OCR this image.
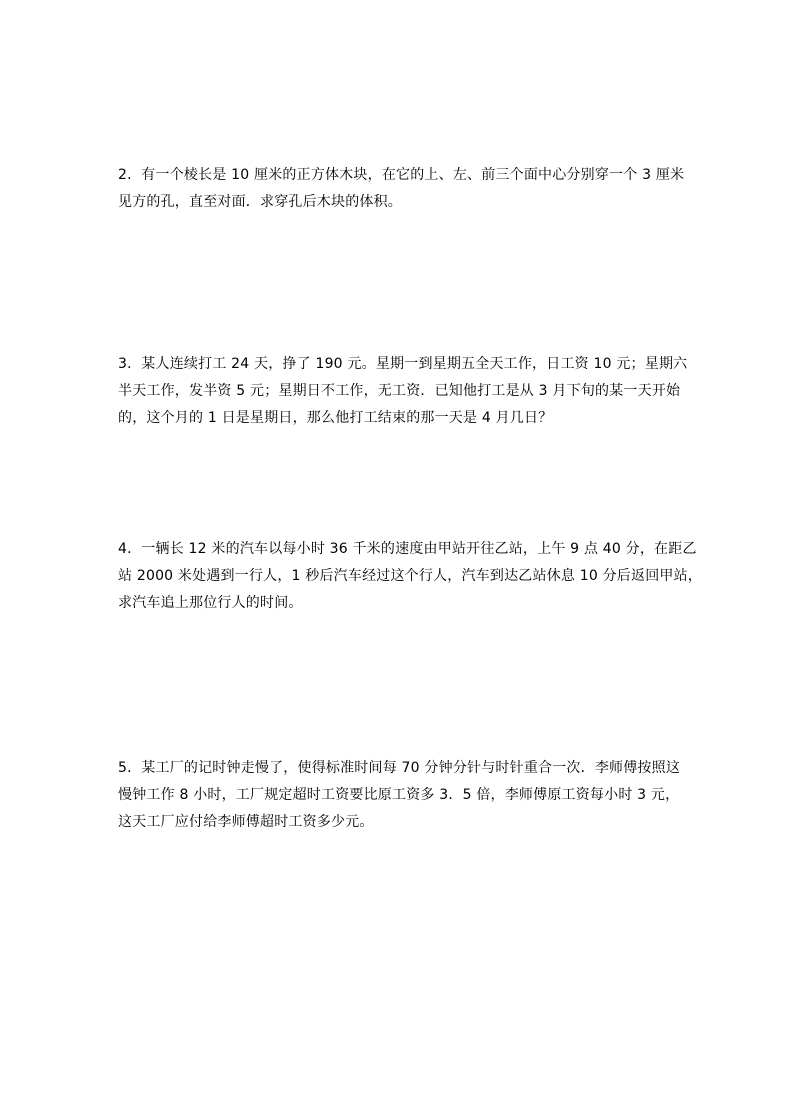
2．有一个棱长是 10 厘米的正方体木块，在它的上、左、前三个面中心分别穿一个 3 厘米
见方的孔，直至对面．求穿孔后木块的体积。
3．某人连续打工 24 天，挣了 190 元。星期一到星期五全天工作，日工资 10 元；星期六
半天工作，发半资 5 元；星期日不工作，无工资．已知他打工是从 3 月下旬的某一天开始
的，这个月的 1 日是星期日，那么他打工结束的那一天是 4 月几日？
4．一辆长 12 米的汽车以每小时 36 千米的速度由甲站开往乙站，上午 9 点 40 分，在距乙
站 2000 米处遇到一行人，1 秒后汽车经过这个行人，汽车到达乙站休息 10 分后返回甲站，
求汽车追上那位行人的时间。
5．某工厂的记时钟走慢了，使得标准时间每 70 分钟分针与时针重合一次．李师傅按照这
慢钟工作 8 小时，工厂规定超时工资要比原工资多 3．5 倍，李师傅原工资每小时 3 元，
这天工厂应付给李师傅超时工资多少元。
